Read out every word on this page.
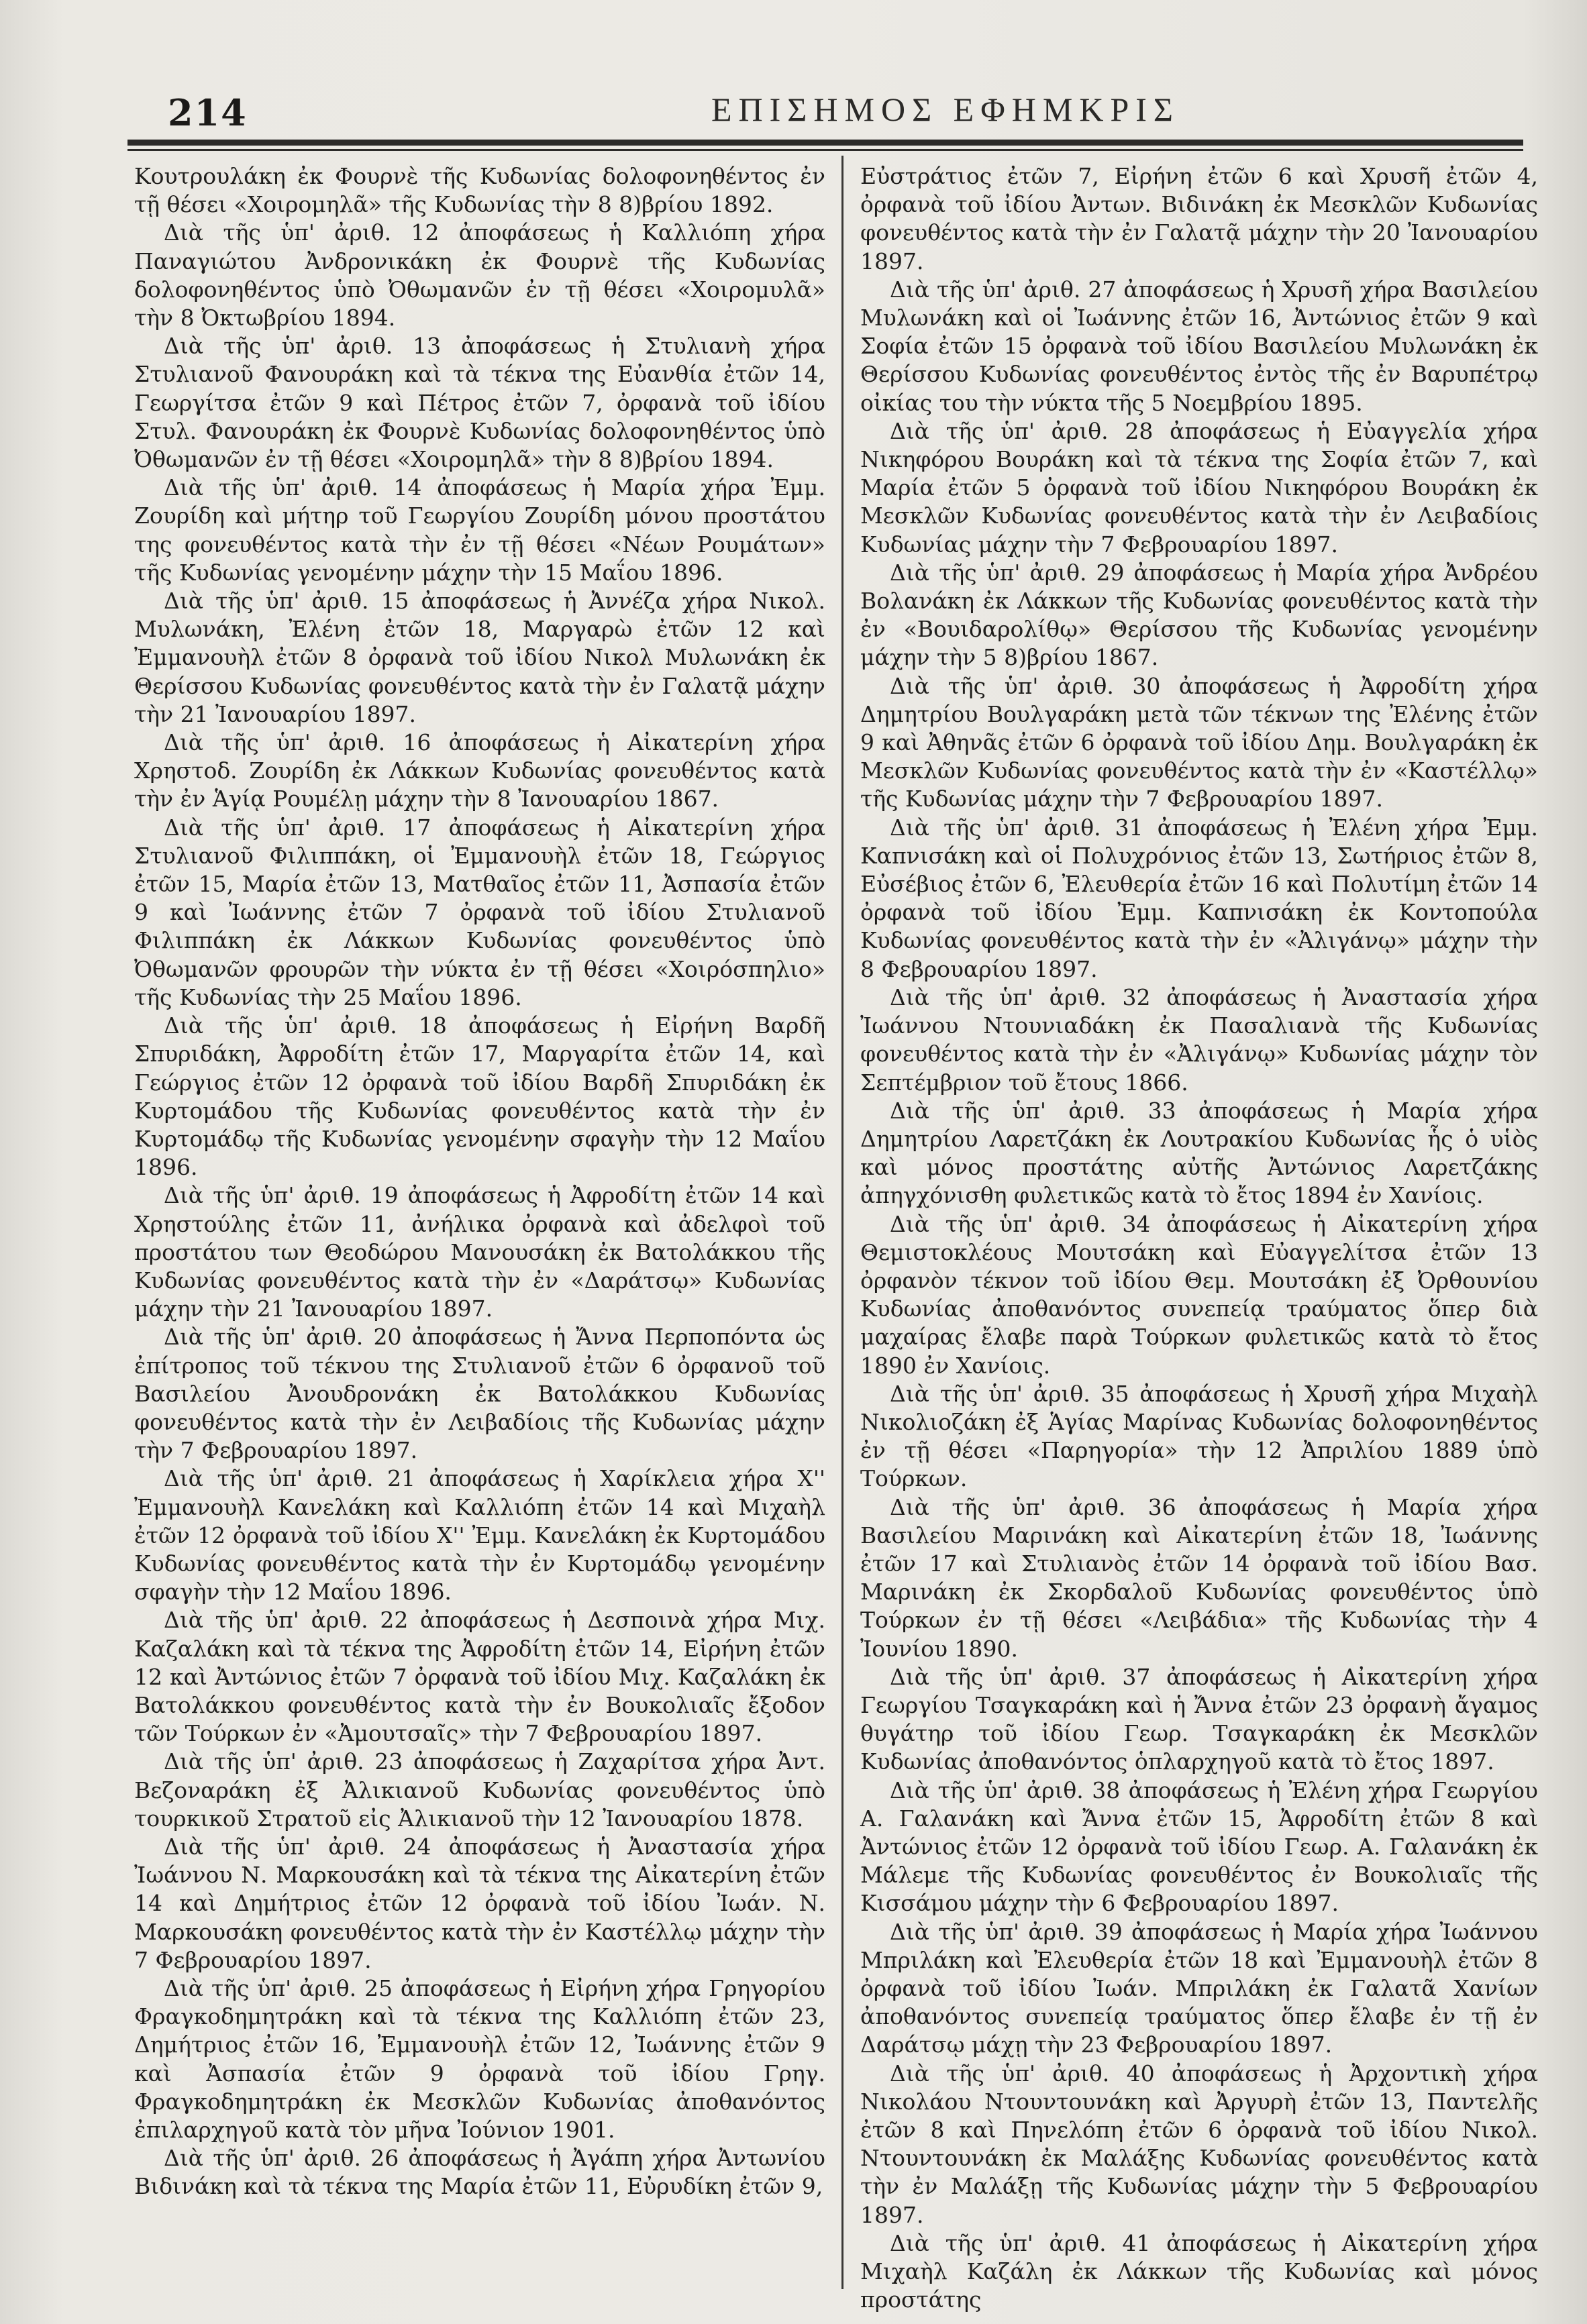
214	ΕΠΙΣΗΜΟΣ ΕΦΗΜΚΡΙΣ

Κουτρουλάκη ἐκ Φουρνὲ τῆς Κυδωνίας δολοφονηθέντος ἐν τῇ θέσει «Χοιρομηλᾶ» τῆς Κυδωνίας τὴν 8 8)βρίου 1892.

Διὰ τῆς ὑπ' ἀριθ. 12 ἀποφάσεως ἡ Καλλιόπη χήρα Παναγιώτου Ἀνδρονικάκη ἐκ Φουρνὲ τῆς Κυδωνίας δολοφονηθέντος ὑπὸ Ὀθωμανῶν ἐν τῇ θέσει «Χοιρομυλᾶ» τὴν 8 Ὀκτωβρίου 1894.

Διὰ τῆς ὑπ' ἀριθ. 13 ἀποφάσεως ἡ Στυλιανὴ χήρα Στυλιανοῦ Φανουράκη καὶ τὰ τέκνα της Εὐανθία ἐτῶν 14, Γεωργίτσα ἐτῶν 9 καὶ Πέτρος ἐτῶν 7, ὀρφανὰ τοῦ ἰδίου Στυλ. Φανουράκη ἐκ Φουρνὲ Κυδωνίας δολοφονηθέντος ὑπὸ Ὀθωμανῶν ἐν τῇ θέσει «Χοιρομηλᾶ» τὴν 8 8)βρίου 1894.

Διὰ τῆς ὑπ' ἀριθ. 14 ἀποφάσεως ἡ Μαρία χήρα Ἐμμ. Ζουρίδη καὶ μήτηρ τοῦ Γεωργίου Ζουρίδη μόνου προστάτου της φονευθέντος κατὰ τὴν ἐν τῇ θέσει «Νέων Ρουμάτων» τῆς Κυδωνίας γενομένην μάχην τὴν 15 Μαΐου 1896.

Διὰ τῆς ὑπ' ἀριθ. 15 ἀποφάσεως ἡ Ἀννέζα χήρα Νικολ. Μυλωνάκη, Ἐλένη ἐτῶν 18, Μαργαρὼ ἐτῶν 12 καὶ Ἐμμανουὴλ ἐτῶν 8 ὀρφανὰ τοῦ ἰδίου Νικολ Μυλωνάκη ἐκ Θερίσσου Κυδωνίας φονευθέντος κατὰ τὴν ἐν Γαλατᾷ μάχην τὴν 21 Ἰανουαρίου 1897.

Διὰ τῆς ὑπ' ἀριθ. 16 ἀποφάσεως ἡ Αἰκατερίνη χήρα Χρηστοδ. Ζουρίδη ἐκ Λάκκων Κυδωνίας φονευθέντος κατὰ τὴν ἐν Ἁγίᾳ Ρουμέλῃ μάχην τὴν 8 Ἰανουαρίου 1867.

Διὰ τῆς ὑπ' ἀριθ. 17 ἀποφάσεως ἡ Αἰκατερίνη χήρα Στυλιανοῦ Φιλιππάκη, οἱ Ἐμμανουὴλ ἐτῶν 18, Γεώργιος ἐτῶν 15, Μαρία ἐτῶν 13, Ματθαῖος ἐτῶν 11, Ἀσπασία ἐτῶν 9 καὶ Ἰωάννης ἐτῶν 7 ὀρφανὰ τοῦ ἰδίου Στυλιανοῦ Φιλιππάκη ἐκ Λάκκων Κυδωνίας φονευθέντος ὑπὸ Ὀθωμανῶν φρουρῶν τὴν νύκτα ἐν τῇ θέσει «Χοιρόσπηλιο» τῆς Κυδωνίας τὴν 25 Μαΐου 1896.

Διὰ τῆς ὑπ' ἀριθ. 18 ἀποφάσεως ἡ Εἰρήνη Βαρδῆ Σπυριδάκη, Ἀφροδίτη ἐτῶν 17, Μαργαρίτα ἐτῶν 14, καὶ Γεώργιος ἐτῶν 12 ὀρφανὰ τοῦ ἰδίου Βαρδῆ Σπυριδάκη ἐκ Κυρτομάδου τῆς Κυδωνίας φονευθέντος κατὰ τὴν ἐν Κυρτομάδῳ τῆς Κυδωνίας γενομένην σφαγὴν τὴν 12 Μαΐου 1896.

Διὰ τῆς ὑπ' ἀριθ. 19 ἀποφάσεως ἡ Ἀφροδίτη ἐτῶν 14 καὶ Χρηστούλης ἐτῶν 11, ἀνήλικα ὀρφανὰ καὶ ἀδελφοὶ τοῦ προστάτου των Θεοδώρου Μανουσάκη ἐκ Βατολάκκου τῆς Κυδωνίας φονευθέντος κατὰ τὴν ἐν «Δαράτσῳ» Κυδωνίας μάχην τὴν 21 Ἰανουαρίου 1897.

Διὰ τῆς ὑπ' ἀριθ. 20 ἀποφάσεως ἡ Ἄννα Περποπόντα ὡς ἐπίτροπος τοῦ τέκνου της Στυλιανοῦ ἐτῶν 6 ὀρφανοῦ τοῦ Βασιλείου Ἀνουδρονάκη ἐκ Βατολάκκου Κυδωνίας φονευθέντος κατὰ τὴν ἐν Λειβαδίοις τῆς Κυδωνίας μάχην τὴν 7 Φεβρουαρίου 1897.

Διὰ τῆς ὑπ' ἀριθ. 21 ἀποφάσεως ἡ Χαρίκλεια χήρα Χ'' Ἐμμανουὴλ Κανελάκη καὶ Καλλιόπη ἐτῶν 14 καὶ Μιχαὴλ ἐτῶν 12 ὀρφανὰ τοῦ ἰδίου Χ'' Ἐμμ. Κανελάκη ἐκ Κυρτομάδου Κυδωνίας φονευθέντος κατὰ τὴν ἐν Κυρτομάδῳ γενομένην σφαγὴν τὴν 12 Μαΐου 1896.

Διὰ τῆς ὑπ' ἀριθ. 22 ἀποφάσεως ἡ Δεσποινὰ χήρα Μιχ. Καζαλάκη καὶ τὰ τέκνα της Ἀφροδίτη ἐτῶν 14, Εἰρήνη ἐτῶν 12 καὶ Ἀντώνιος ἐτῶν 7 ὀρφανὰ τοῦ ἰδίου Μιχ. Καζαλάκη ἐκ Βατολάκκου φονευθέντος κατὰ τὴν ἐν Βουκολιαῖς ἔξοδον τῶν Τούρκων ἐν «Ἀμουτσαῖς» τὴν 7 Φεβρουαρίου 1897.

Διὰ τῆς ὑπ' ἀριθ. 23 ἀποφάσεως ἡ Ζαχαρίτσα χήρα Ἀντ. Βεζοναράκη ἐξ Ἀλικιανοῦ Κυδωνίας φονευθέντος ὑπὸ τουρκικοῦ Στρατοῦ εἰς Ἀλικιανοῦ τὴν 12 Ἰανουαρίου 1878.

Διὰ τῆς ὑπ' ἀριθ. 24 ἀποφάσεως ἡ Ἀναστασία χήρα Ἰωάννου Ν. Μαρκουσάκη καὶ τὰ τέκνα της Αἰκατερίνη ἐτῶν 14 καὶ Δημήτριος ἐτῶν 12 ὀρφανὰ τοῦ ἰδίου Ἰωάν. Ν. Μαρκουσάκη φονευθέντος κατὰ τὴν ἐν Καστέλλῳ μάχην τὴν 7 Φεβρουαρίου 1897.

Διὰ τῆς ὑπ' ἀριθ. 25 ἀποφάσεως ἡ Εἰρήνη χήρα Γρηγορίου Φραγκοδημητράκη καὶ τὰ τέκνα της Καλλιόπη ἐτῶν 23, Δημήτριος ἐτῶν 16, Ἐμμανουὴλ ἐτῶν 12, Ἰωάννης ἐτῶν 9 καὶ Ἀσπασία ἐτῶν 9 ὀρφανὰ τοῦ ἰδίου Γρηγ. Φραγκοδημητράκη ἐκ Μεσκλῶν Κυδωνίας ἀποθανόντος ἐπιλαρχηγοῦ κατὰ τὸν μῆνα Ἰούνιον 1901.

Διὰ τῆς ὑπ' ἀριθ. 26 ἀποφάσεως ἡ Ἀγάπη χήρα Ἀντωνίου Βιδινάκη καὶ τὰ τέκνα της Μαρία ἐτῶν 11, Εὐρυδίκη ἐτῶν 9,

Εὐστράτιος ἐτῶν 7, Εἰρήνη ἐτῶν 6 καὶ Χρυσῆ ἐτῶν 4, ὀρφανὰ τοῦ ἰδίου Ἀντων. Βιδινάκη ἐκ Μεσκλῶν Κυδωνίας φονευθέντος κατὰ τὴν ἐν Γαλατᾷ μάχην τὴν 20 Ἰανουαρίου 1897.

Διὰ τῆς ὑπ' ἀριθ. 27 ἀποφάσεως ἡ Χρυσῆ χήρα Βασιλείου Μυλωνάκη καὶ οἱ Ἰωάννης ἐτῶν 16, Ἀντώνιος ἐτῶν 9 καὶ Σοφία ἐτῶν 15 ὀρφανὰ τοῦ ἰδίου Βασιλείου Μυλωνάκη ἐκ Θερίσσου Κυδωνίας φονευθέντος ἐντὸς τῆς ἐν Βαρυπέτρῳ οἰκίας του τὴν νύκτα τῆς 5 Νοεμβρίου 1895.

Διὰ τῆς ὑπ' ἀριθ. 28 ἀποφάσεως ἡ Εὐαγγελία χήρα Νικηφόρου Βουράκη καὶ τὰ τέκνα της Σοφία ἐτῶν 7, καὶ Μαρία ἐτῶν 5 ὀρφανὰ τοῦ ἰδίου Νικηφόρου Βουράκη ἐκ Μεσκλῶν Κυδωνίας φονευθέντος κατὰ τὴν ἐν Λειβαδίοις Κυδωνίας μάχην τὴν 7 Φεβρουαρίου 1897.

Διὰ τῆς ὑπ' ἀριθ. 29 ἀποφάσεως ἡ Μαρία χήρα Ἀνδρέου Βολανάκη ἐκ Λάκκων τῆς Κυδωνίας φονευθέντος κατὰ τὴν ἐν «Βουιδαρολίθῳ» Θερίσσου τῆς Κυδωνίας γενομένην μάχην τὴν 5 8)βρίου 1867.

Διὰ τῆς ὑπ' ἀριθ. 30 ἀποφάσεως ἡ Ἀφροδίτη χήρα Δημητρίου Βουλγαράκη μετὰ τῶν τέκνων της Ἐλένης ἐτῶν 9 καὶ Ἀθηνᾶς ἐτῶν 6 ὀρφανὰ τοῦ ἰδίου Δημ. Βουλγαράκη ἐκ Μεσκλῶν Κυδωνίας φονευθέντος κατὰ τὴν ἐν «Καστέλλῳ» τῆς Κυδωνίας μάχην τὴν 7 Φεβρουαρίου 1897.

Διὰ τῆς ὑπ' ἀριθ. 31 ἀποφάσεως ἡ Ἐλένη χήρα Ἐμμ. Καπνισάκη καὶ οἱ Πολυχρόνιος ἐτῶν 13, Σωτήριος ἐτῶν 8, Εὐσέβιος ἐτῶν 6, Ἐλευθερία ἐτῶν 16 καὶ Πολυτίμη ἐτῶν 14 ὀρφανὰ τοῦ ἰδίου Ἐμμ. Καπνισάκη ἐκ Κοντοπούλα Κυδωνίας φονευθέντος κατὰ τὴν ἐν «Ἀλιγάνῳ» μάχην τὴν 8 Φεβρουαρίου 1897.

Διὰ τῆς ὑπ' ἀριθ. 32 ἀποφάσεως ἡ Ἀναστασία χήρα Ἰωάννου Ντουνιαδάκη ἐκ Πασαλιανὰ τῆς Κυδωνίας φονευθέντος κατὰ τὴν ἐν «Ἀλιγάνῳ» Κυδωνίας μάχην τὸν Σεπτέμβριον τοῦ ἔτους 1866.

Διὰ τῆς ὑπ' ἀριθ. 33 ἀποφάσεως ἡ Μαρία χήρα Δημητρίου Λαρετζάκη ἐκ Λουτρακίου Κυδωνίας ἧς ὁ υἱὸς καὶ μόνος προστάτης αὐτῆς Ἀντώνιος Λαρετζάκης ἀπηγχόνισθη φυλετικῶς κατὰ τὸ ἔτος 1894 ἐν Χανίοις.

Διὰ τῆς ὑπ' ἀριθ. 34 ἀποφάσεως ἡ Αἰκατερίνη χήρα Θεμιστοκλέους Μουτσάκη καὶ Εὐαγγελίτσα ἐτῶν 13 ὀρφανὸν τέκνον τοῦ ἰδίου Θεμ. Μουτσάκη ἐξ Ὀρθουνίου Κυδωνίας ἀποθανόντος συνεπείᾳ τραύματος ὅπερ διὰ μαχαίρας ἔλαβε παρὰ Τούρκων φυλετικῶς κατὰ τὸ ἔτος 1890 ἐν Χανίοις.

Διὰ τῆς ὑπ' ἀριθ. 35 ἀποφάσεως ἡ Χρυσῆ χήρα Μιχαὴλ Νικολιοζάκη ἐξ Ἁγίας Μαρίνας Κυδωνίας δολοφονηθέντος ἐν τῇ θέσει «Παρηγορία» τὴν 12 Ἀπριλίου 1889 ὑπὸ Τούρκων.

Διὰ τῆς ὑπ' ἀριθ. 36 ἀποφάσεως ἡ Μαρία χήρα Βασιλείου Μαρινάκη καὶ Αἰκατερίνη ἐτῶν 18, Ἰωάννης ἐτῶν 17 καὶ Στυλιανὸς ἐτῶν 14 ὀρφανὰ τοῦ ἰδίου Βασ. Μαρινάκη ἐκ Σκορδαλοῦ Κυδωνίας φονευθέντος ὑπὸ Τούρκων ἐν τῇ θέσει «Λειβάδια» τῆς Κυδωνίας τὴν 4 Ἰουνίου 1890.

Διὰ τῆς ὑπ' ἀριθ. 37 ἀποφάσεως ἡ Αἰκατερίνη χήρα Γεωργίου Τσαγκαράκη καὶ ἡ Ἄννα ἐτῶν 23 ὀρφανὴ ἄγαμος θυγάτηρ τοῦ ἰδίου Γεωρ. Τσαγκαράκη ἐκ Μεσκλῶν Κυδωνίας ἀποθανόντος ὁπλαρχηγοῦ κατὰ τὸ ἔτος 1897.

Διὰ τῆς ὑπ' ἀριθ. 38 ἀποφάσεως ἡ Ἐλένη χήρα Γεωργίου Α. Γαλανάκη καὶ Ἄννα ἐτῶν 15, Ἀφροδίτη ἐτῶν 8 καὶ Ἀντώνιος ἐτῶν 12 ὀρφανὰ τοῦ ἰδίου Γεωρ. Α. Γαλανάκη ἐκ Μάλεμε τῆς Κυδωνίας φονευθέντος ἐν Βουκολιαῖς τῆς Κισσάμου μάχην τὴν 6 Φεβρουαρίου 1897.

Διὰ τῆς ὑπ' ἀριθ. 39 ἀποφάσεως ἡ Μαρία χήρα Ἰωάννου Μπριλάκη καὶ Ἐλευθερία ἐτῶν 18 καὶ Ἐμμανουὴλ ἐτῶν 8 ὀρφανὰ τοῦ ἰδίου Ἰωάν. Μπριλάκη ἐκ Γαλατᾶ Χανίων ἀποθανόντος συνεπείᾳ τραύματος ὅπερ ἔλαβε ἐν τῇ ἐν Δαράτσῳ μάχῃ τὴν 23 Φεβρουαρίου 1897.

Διὰ τῆς ὑπ' ἀριθ. 40 ἀποφάσεως ἡ Ἀρχοντικὴ χήρα Νικολάου Ντουντουνάκη καὶ Ἀργυρὴ ἐτῶν 13, Παντελῆς ἐτῶν 8 καὶ Πηνελόπη ἐτῶν 6 ὀρφανὰ τοῦ ἰδίου Νικολ. Ντουντουνάκη ἐκ Μαλάξης Κυδωνίας φονευθέντος κατὰ τὴν ἐν Μαλάξῃ τῆς Κυδωνίας μάχην τὴν 5 Φεβρουαρίου 1897.

Διὰ τῆς ὑπ' ἀριθ. 41 ἀποφάσεως ἡ Αἰκατερίνη χήρα Μιχαὴλ Καζάλη ἐκ Λάκκων τῆς Κυδωνίας καὶ μόνος προστάτης
